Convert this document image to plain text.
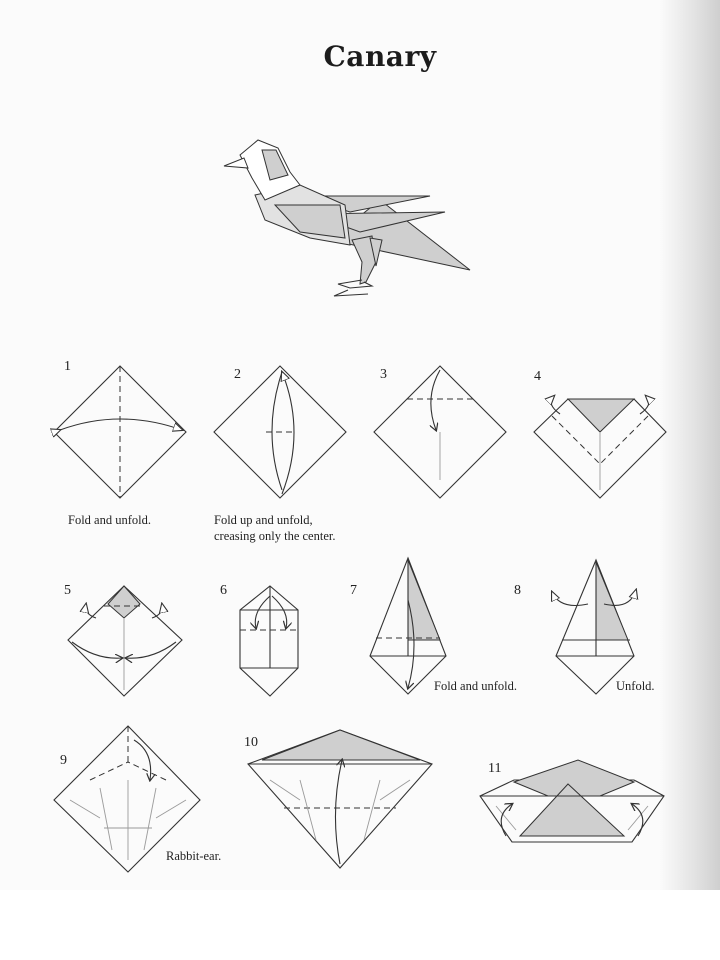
Canary
1
Fold and unfold.
2
Fold up and unfold,
creasing only the center.
3	4
5	6	7
Fold and unfold.
8
Unfold.
9
Rabbit-ear.
10
11
